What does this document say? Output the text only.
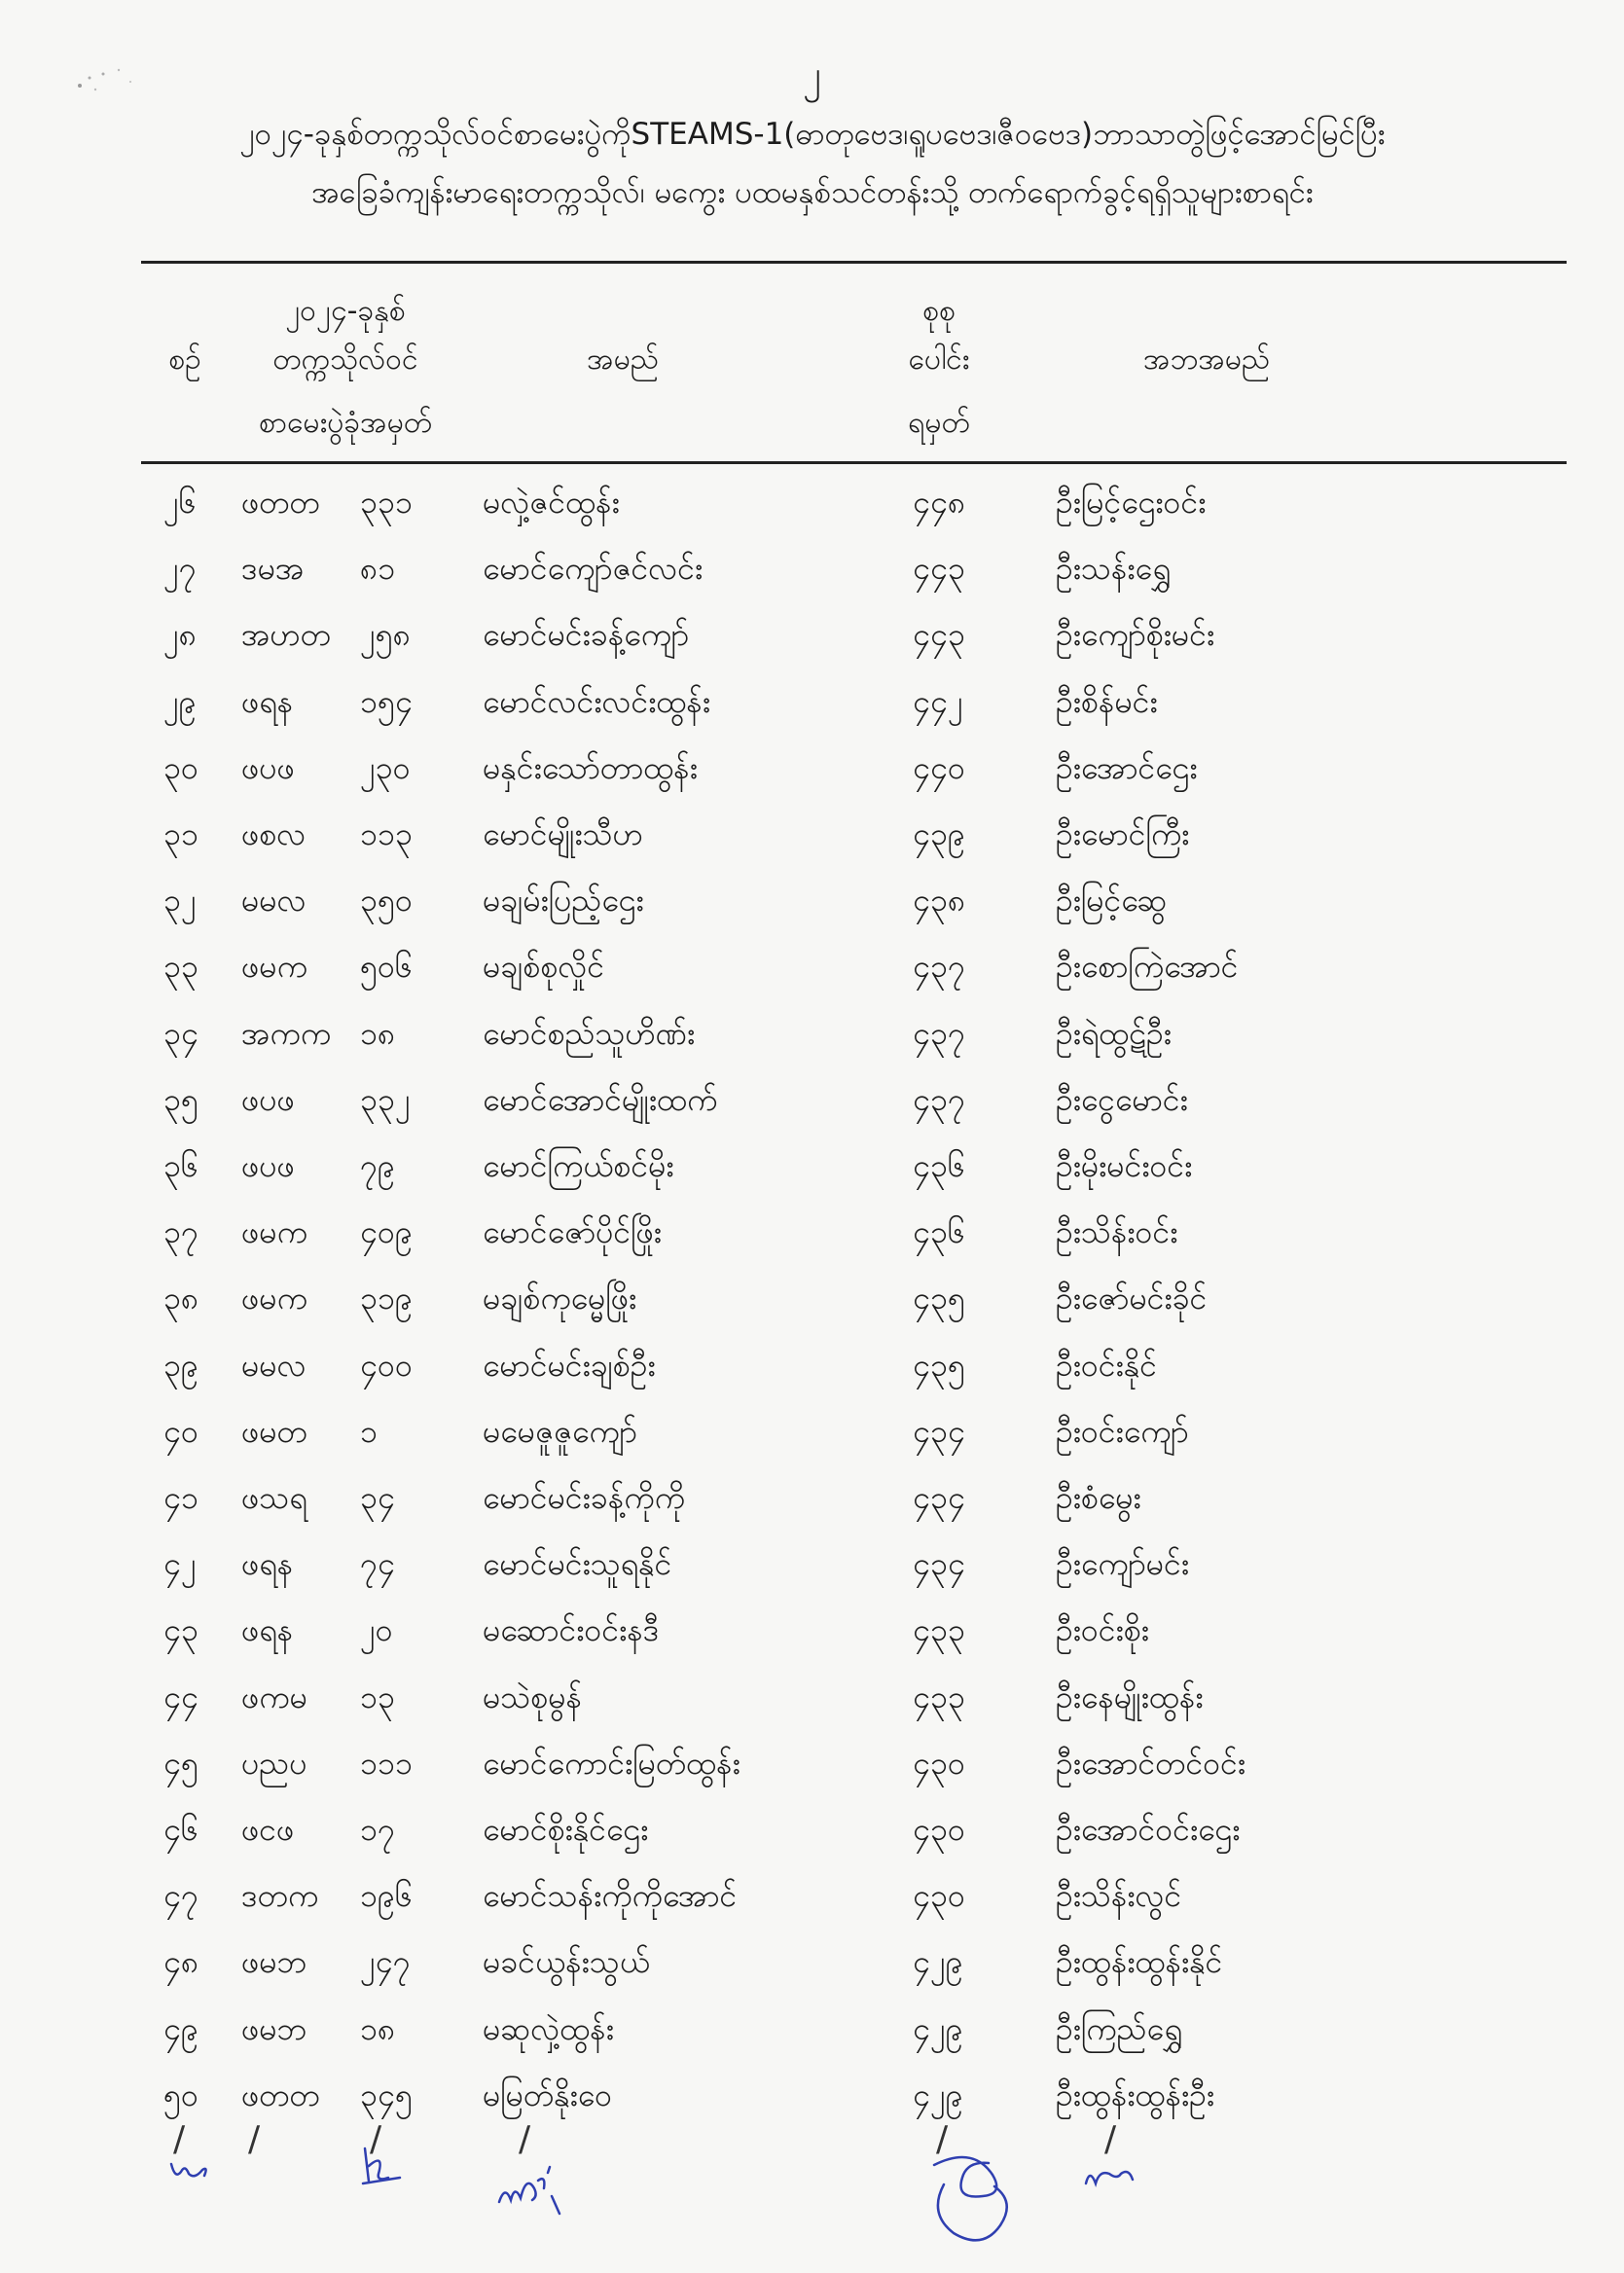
၂
၂၀၂၄-ခုနှစ်တက္ကသိုလ်ဝင်စာမေးပွဲကိုSTEAMS-1(ဓာတုဗေဒ၊ရူပဗေဒ၊ဇီဝဗေဒ)ဘာသာတွဲဖြင့်အောင်မြင်ပြီး
အခြေခံကျန်းမာရေးတက္ကသိုလ်၊ မကွေး ပထမနှစ်သင်တန်းသို့ တက်ရောက်ခွင့်ရရှိသူများစာရင်း
စဉ်
၂၀၂၄-ခုနှစ်
တက္ကသိုလ်ဝင်
စာမေးပွဲခုံအမှတ်
အမည်
စုစု
ပေါင်း
ရမှတ်
အဘအမည်
၂၆ ဖတတ ၃၃၁ မလှဲ့ဇင်ထွန်း	၄၄၈	ဦးမြင့်ဌေးဝင်း
၂၇ ဒမအ ၈၁	မောင်ကျော်ဇင်လင်း	၄၄၃	ဦးသန်းရွှေ
၂၈ အဟတ ၂၅၈ မောင်မင်းခန့်ကျော်	၄၄၃	ဦးကျော်စိုးမင်း
၂၉ ဖရန ၁၅၄ မောင်လင်းလင်းထွန်း	၄၄၂	ဦးစိန်မင်း
၃၀ ဖပဖ ၂၃၀ မနှင်းသော်တာထွန်း	၄၄၀	ဦးအောင်ဌေး
၃၁ ဖစလ ၁၁၃ မောင်မျိုးသီဟ	၄၃၉	ဦးမောင်ကြီး
၃၂ မမလ ၃၅၀ မချမ်းပြည့်ဌေး	၄၃၈	ဦးမြင့်ဆွေ
၃၃ ဖမက ၅၀၆ မချစ်စုလှိုင်	၄၃၇	ဦးစောကြဲအောင်
၃၄ အကက ၁၈	မောင်စည်သူဟိဏ်း	၄၃၇	ဦးရဲထွဋ်ဦး
၃၅ ဖပဖ ၃၃၂ မောင်အောင်မျိုးထက်	၄၃၇	ဦးငွေမောင်း
၃၆ ဖပဖ ၇၉	မောင်ကြယ်စင်မိုး	၄၃၆	ဦးမိုးမင်းဝင်း
၃၇ ဖမက ၄၀၉ မောင်ဇော်ပိုင်ဖြိုး	၄၃၆	ဦးသိန်းဝင်း
၃၈ ဖမက ၃၁၉ မချစ်ကုမ္မေဖြိုး	၄၃၅	ဦးဇော်မင်းခိုင်
၃၉ မမလ ၄၀၀ မောင်မင်းချစ်ဦး	၄၃၅	ဦးဝင်းနိုင်
၄၀ ဖမတ ၁	မမေဇူဇူကျော်	၄၃၄	ဦးဝင်းကျော်
၄၁ ဖသရ ၃၄	မောင်မင်းခန့်ကိုကို	၄၃၄	ဦးစံမွေး
၄၂ ဖရန ၇၄	မောင်မင်းသူရနိုင်	၄၃၄	ဦးကျော်မင်း
၄၃ ဖရန ၂၀	မဆောင်းဝင်းနဒီ	၄၃၃	ဦးဝင်းစိုး
၄၄ ဖကမ ၁၃	မသဲစုမွန်	၄၃၃	ဦးနေမျိုးထွန်း
၄၅ ပညပ ၁၁၁ မောင်ကောင်းမြတ်ထွန်း	၄၃၀	ဦးအောင်တင်ဝင်း
၄၆ ဖငဖ ၁၇	မောင်စိုးနိုင်ဌေး	၄၃၀	ဦးအောင်ဝင်းဌေး
၄၇ ဒတက ၁၉၆ မောင်သန်းကိုကိုအောင်	၄၃၀	ဦးသိန်းလွင်
၄၈ ဖမဘ ၂၄၇ မခင်ယွန်းသွယ်	၄၂၉	ဦးထွန်းထွန်းနိုင်
၄၉ ဖမဘ ၁၈	မဆုလှဲ့ထွန်း	၄၂၉	ဦးကြည်ရွှေ
၅၀ ဖတတ ၃၄၅ မမြတ်နိုးဝေ	၄၂၉	ဦးထွန်းထွန်းဦး
/ /	/	/	/	/
